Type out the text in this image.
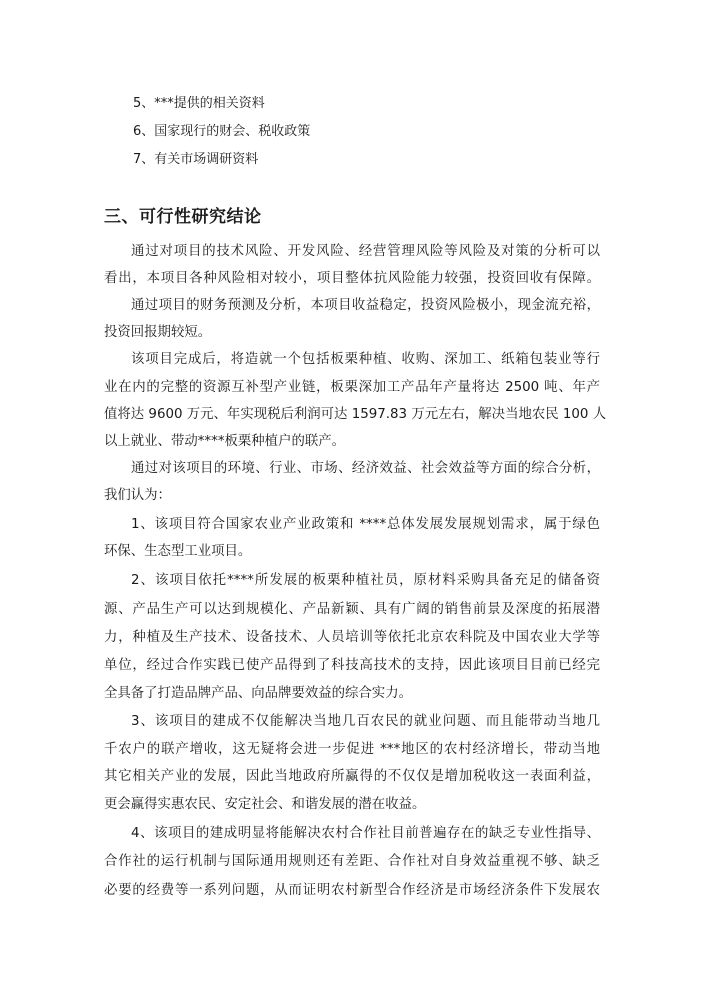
5、***提供的相关资料
6、国家现行的财会、税收政策
7、有关市场调研资料
三、可行性研究结论
通过对项目的技术风险、开发风险、经营管理风险等风险及对策的分析可以
看出，本项目各种风险相对较小，项目整体抗风险能力较强，投资回收有保障。
通过项目的财务预测及分析，本项目收益稳定，投资风险极小，现金流充裕，
投资回报期较短。
该项目完成后，将造就一个包括板栗种植、收购、深加工、纸箱包装业等行
业在内的完整的资源互补型产业链，板栗深加工产品年产量将达 2500 吨、年产
值将达 9600 万元、年实现税后利润可达 1597.83 万元左右，解决当地农民 100 人
以上就业、带动****板栗种植户的联产。
通过对该项目的环境、行业、市场、经济效益、社会效益等方面的综合分析，
我们认为：
1、该项目符合国家农业产业政策和 ****总体发展发展规划需求，属于绿色
环保、生态型工业项目。
2、该项目依托****所发展的板栗种植社员，原材料采购具备充足的储备资
源、产品生产可以达到规模化、产品新颖、具有广阔的销售前景及深度的拓展潜
力，种植及生产技术、设备技术、人员培训等依托北京农科院及中国农业大学等
单位，经过合作实践已使产品得到了科技高技术的支持，因此该项目目前已经完
全具备了打造品牌产品、向品牌要效益的综合实力。
3、该项目的建成不仅能解决当地几百农民的就业问题、而且能带动当地几
千农户的联产增收，这无疑将会进一步促进 ***地区的农村经济增长，带动当地
其它相关产业的发展，因此当地政府所赢得的不仅仅是增加税收这一表面利益，
更会赢得实惠农民、安定社会、和谐发展的潜在收益。
4、该项目的建成明显将能解决农村合作社目前普遍存在的缺乏专业性指导、
合作社的运行机制与国际通用规则还有差距、合作社对自身效益重视不够、缺乏
必要的经费等一系列问题，从而证明农村新型合作经济是市场经济条件下发展农
